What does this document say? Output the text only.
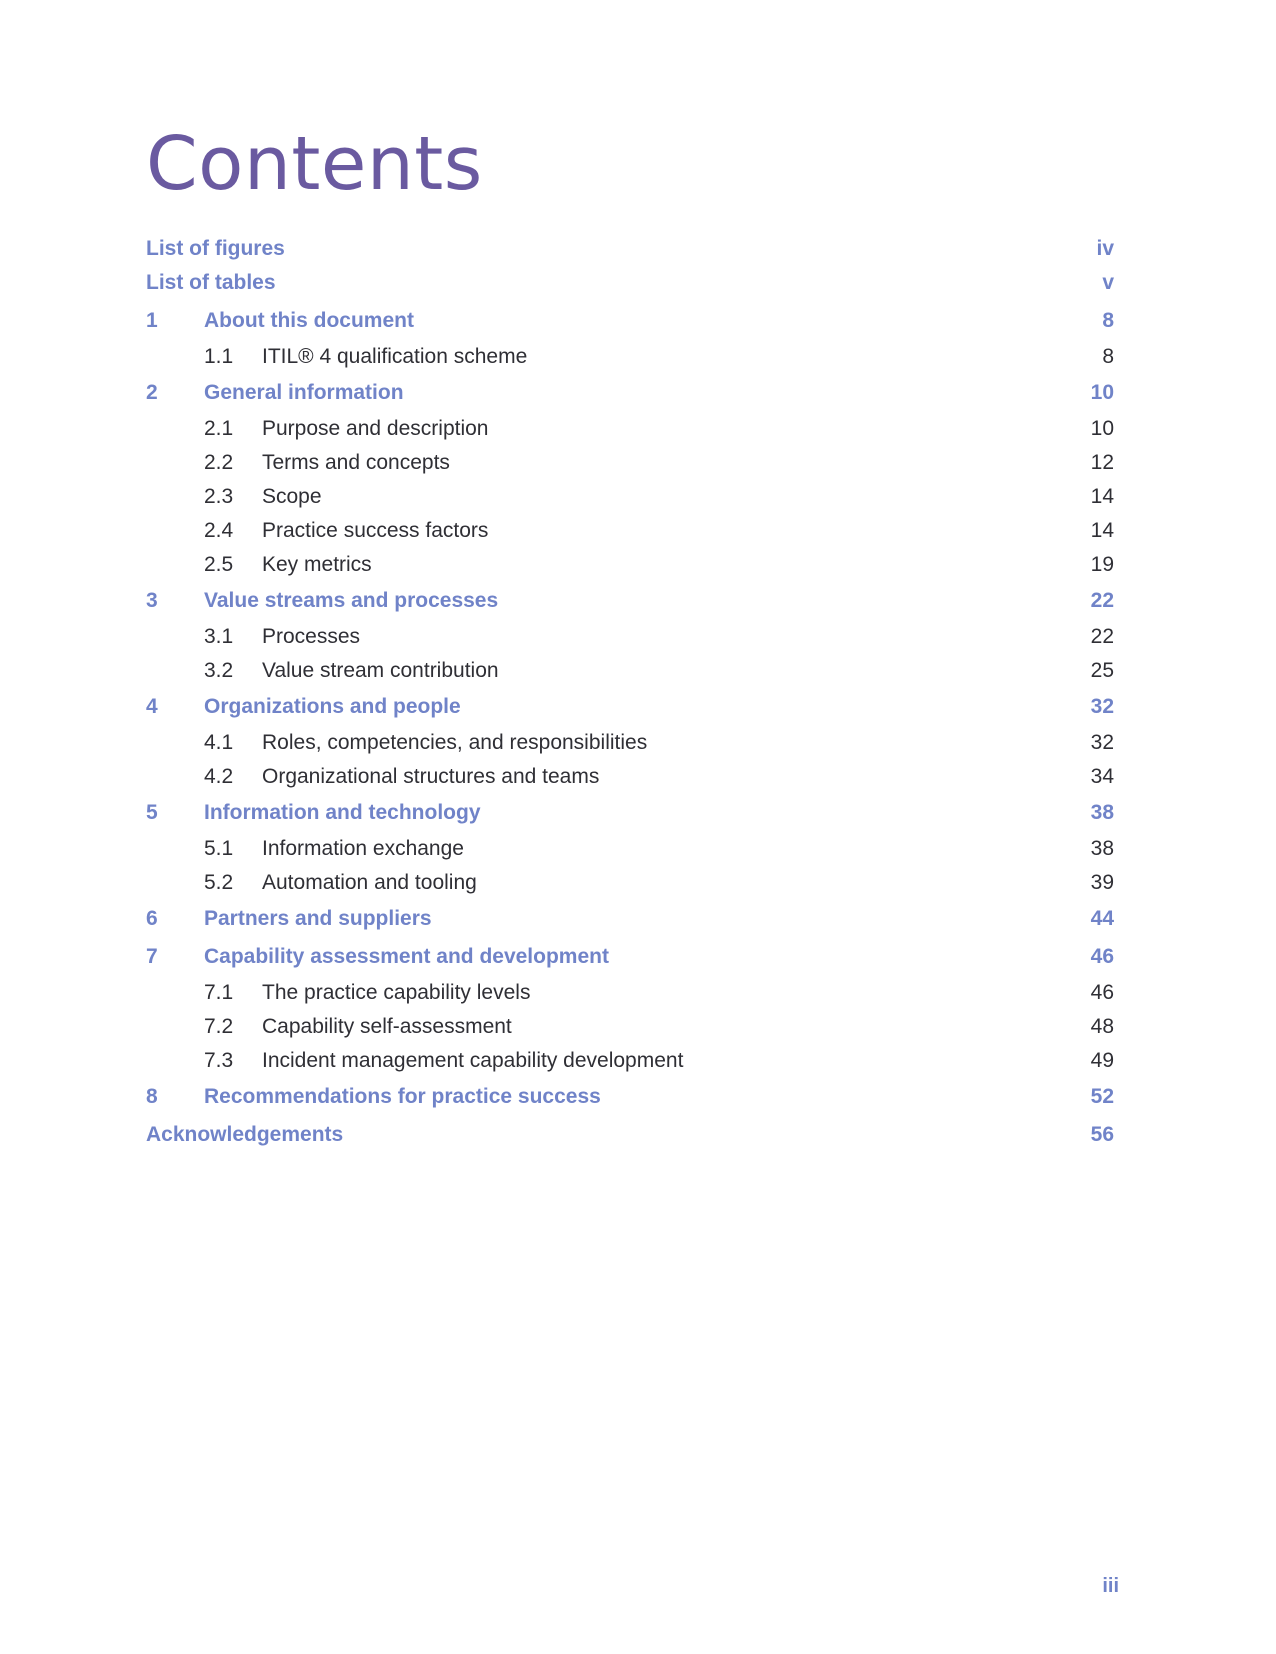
Contents
List of figures	iv
List of tables	v
1	About this document	8
1.1	ITIL® 4 qualification scheme	8
2	General information	10
2.1	Purpose and description	10
2.2	Terms and concepts	12
2.3	Scope	14
2.4	Practice success factors	14
2.5	Key metrics	19
3	Value streams and processes	22
3.1	Processes	22
3.2	Value stream contribution	25
4	Organizations and people	32
4.1	Roles, competencies, and responsibilities	32
4.2	Organizational structures and teams	34
5	Information and technology	38
5.1	Information exchange	38
5.2	Automation and tooling	39
6	Partners and suppliers	44
7	Capability assessment and development	46
7.1	The practice capability levels	46
7.2	Capability self-assessment	48
7.3	Incident management capability development	49
8	Recommendations for practice success	52
Acknowledgements	56
iii
